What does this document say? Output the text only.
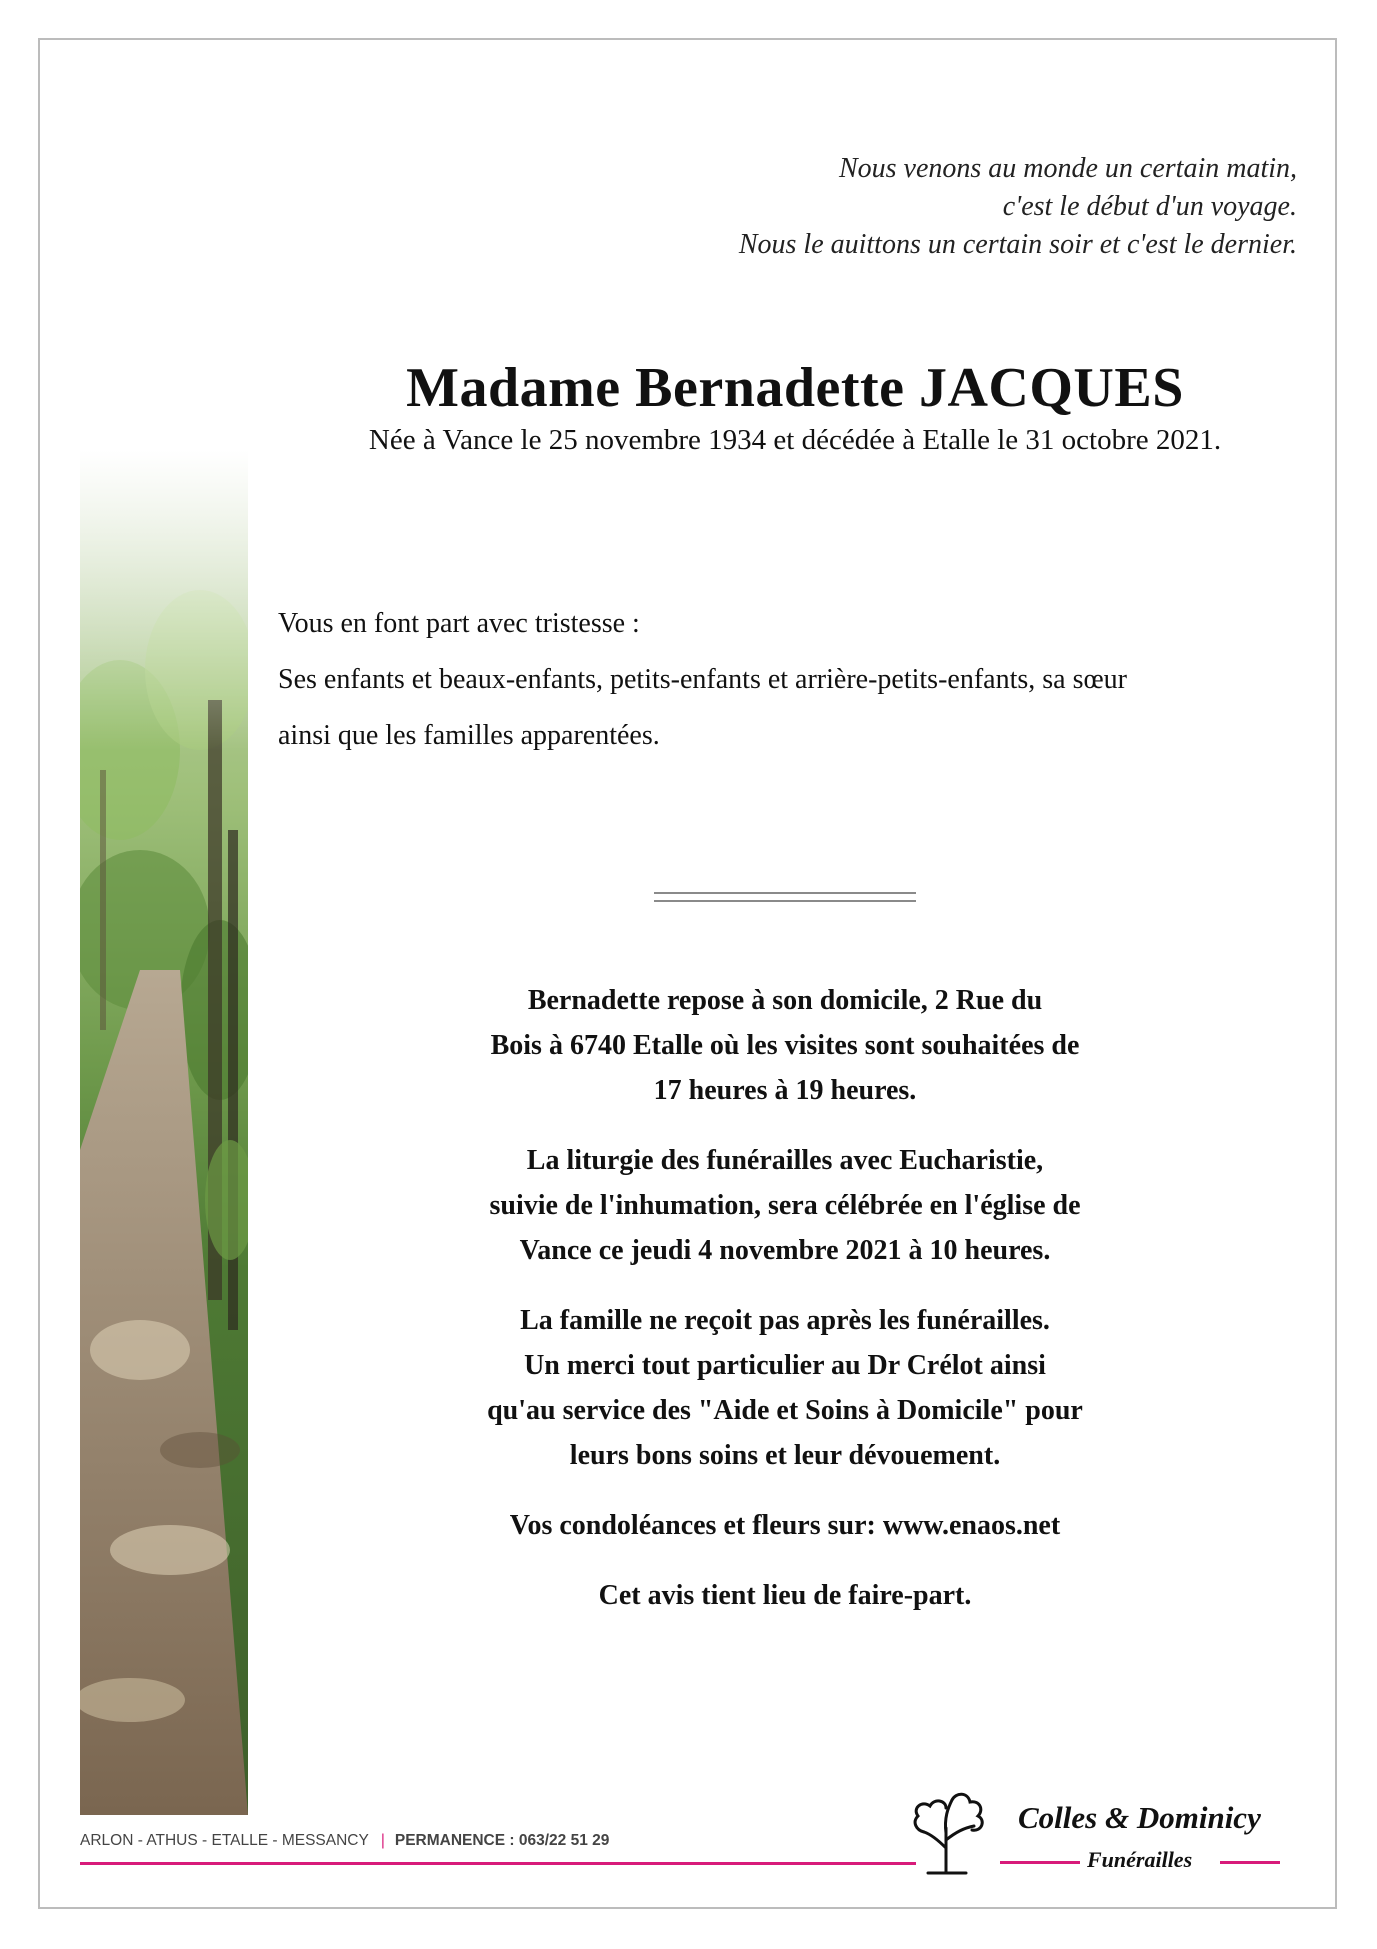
Nous venons au monde un certain matin,
c'est le début d'un voyage.
Nous le auittons un certain soir et c'est le dernier.
Madame Bernadette JACQUES
Née à Vance le 25 novembre 1934 et décédée à Etalle le 31 octobre 2021.
Vous en font part avec tristesse :
Ses enfants et beaux-enfants, petits-enfants et arrière-petits-enfants, sa sœur
ainsi que les familles apparentées.

Bernadette repose à son domicile, 2 Rue du
Bois à 6740 Etalle où les visites sont souhaitées de
17 heures à 19 heures.

La liturgie des funérailles avec Eucharistie,
suivie de l'inhumation, sera célébrée en l'église de
Vance ce jeudi 4 novembre 2021 à 10 heures.

La famille ne reçoit pas après les funérailles.
Un merci tout particulier au Dr Crélot ainsi
qu'au service des "Aide et Soins à Domicile" pour
leurs bons soins et leur dévouement.

Vos condoléances et fleurs sur: www.enaos.net

Cet avis tient lieu de faire-part.

ARLON - ATHUS - ETALLE - MESSANCY | PERMANENCE : 063/22 51 29
Colles & Dominicy
Funérailles
